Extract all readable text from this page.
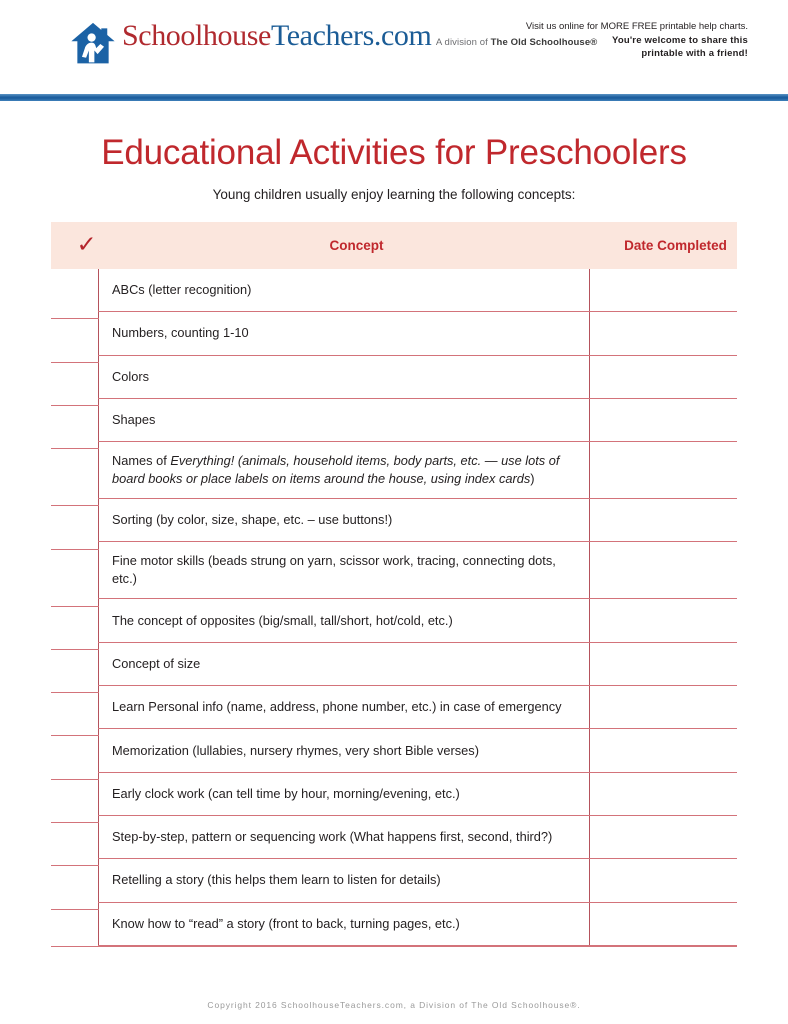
SchoolhouseTeachers.com A division of The Old Schoolhouse®
Visit us online for MORE FREE printable help charts.
You're welcome to share this
printable with a friend!
Educational Activities for Preschoolers

Young children usually enjoy learning the following concepts:

✓	Concept	Date Completed
ABCs (letter recognition)
Numbers, counting 1-10
Colors
Shapes
Names of Everything! (animals, household items, body parts, etc. — use lots of board books or place labels on items around the house, using index cards)
Sorting (by color, size, shape, etc. – use buttons!)
Fine motor skills (beads strung on yarn, scissor work, tracing, connecting dots, etc.)
The concept of opposites (big/small, tall/short, hot/cold, etc.)
Concept of size
Learn Personal info (name, address, phone number, etc.) in case of emergency
Memorization (lullabies, nursery rhymes, very short Bible verses)
Early clock work (can tell time by hour, morning/evening, etc.)
Step-by-step, pattern or sequencing work (What happens first, second, third?)
Retelling a story (this helps them learn to listen for details)
Know how to “read” a story (front to back, turning pages, etc.)
Copyright 2016 SchoolhouseTeachers.com, a Division of The Old Schoolhouse®.
